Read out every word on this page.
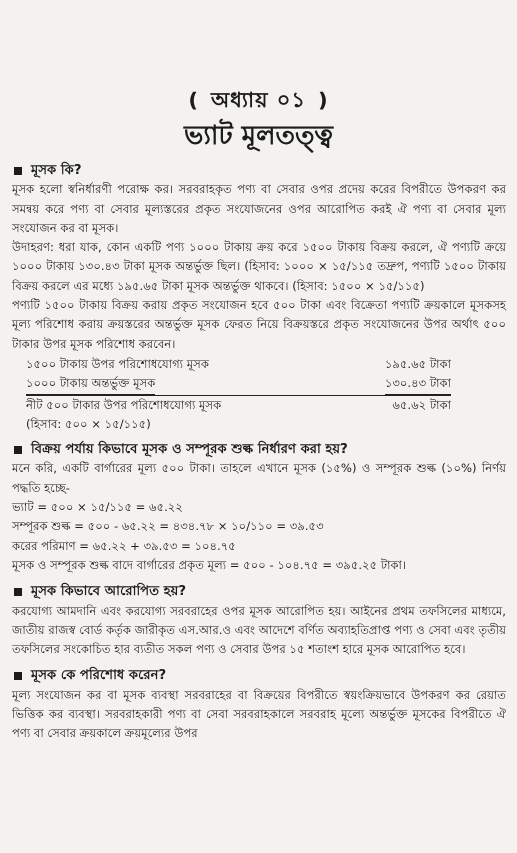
❪ অধ্যায় ০১ ❫
ভ্যাট মূলতত্ত্ব
মূসক কি?

মূসক হলো স্বনির্ধারণী পরোক্ষ কর। সরবরাহকৃত পণ্য বা সেবার ওপর প্রদেয় করের বিপরীতে উপকরণ কর সমন্বয় করে পণ্য বা সেবার মূল্যস্তরের প্রকৃত সংযোজনের ওপর আরোপিত করই ঐ পণ্য বা সেবার মূল্য সংযোজন কর বা মূসক।

উদাহরণ: ধরা যাক, কোন একটি পণ্য ১০০০ টাকায় ক্রয় করে ১৫০০ টাকায় বিক্রয় করলে, ঐ পণ্যটি ক্রয়ে ১০০০ টাকায় ১৩০.৪৩ টাকা মূসক অন্তর্ভুক্ত ছিল। (হিসাব: ১০০০ × ১৫/১১৫ তদ্রুপ, পণ্যটি ১৫০০ টাকায় বিক্রয় করলে এর মধ্যে ১৯৫.৬৫ টাকা মূসক অন্তর্ভুক্ত থাকবে। (হিসাব: ১৫০০ × ১৫/১১৫)

পণ্যটি ১৫০০ টাকায় বিক্রয় করায় প্রকৃত সংযোজন হবে ৫০০ টাকা এবং বিক্রেতা পণ্যটি ক্রয়কালে মূসকসহ মূল্য পরিশোধ করায় ক্রয়স্তরের অন্তর্ভুক্ত মূসক ফেরত নিয়ে বিক্রয়স্তরে প্রকৃত সংযোজনের উপর অর্থাৎ ৫০০ টাকার উপর মূসক পরিশোধ করবেন।

১৫০০ টাকায় উপর পরিশোধযোগ্য মূসক	১৯৫.৬৫ টাকা
১০০০ টাকায় অন্তর্ভুক্ত মূসক	১৩০.৪৩ টাকা
নীট ৫০০ টাকার উপর পরিশোধযোগ্য মূসক	৬৫.৬২ টাকা
(হিসাব: ৫০০ × ১৫/১১৫)
বিক্রয় পর্যায় কিভাবে মূসক ও সম্পূরক শুল্ক নির্ধারণ করা হয়?

মনে করি, একটি বার্গারের মূল্য ৫০০ টাকা। তাহলে এখানে মূসক (১৫%) ও সম্পূরক শুল্ক (১০%) নির্ণয় পদ্ধতি হচ্ছে-

ভ্যাট = ৫০০ × ১৫/১১৫ = ৬৫.২২

সম্পূরক শুল্ক = ৫০০ - ৬৫.২২ = ৪৩৪.৭৮ × ১০/১১০ = ৩৯.৫৩

করের পরিমাণ = ৬৫.২২ + ৩৯.৫৩ = ১০৪.৭৫

মূসক ও সম্পূরক শুল্ক বাদে বার্গারের প্রকৃত মূল্য = ৫০০ - ১০৪.৭৫ = ৩৯৫.২৫ টাকা।

মূসক কিভাবে আরোপিত হয়?

করযোগ্য আমদানি এবং করযোগ্য সরবরাহের ওপর মূসক আরোপিত হয়। আইনের প্রথম তফসিলের মাধ্যমে, জাতীয় রাজস্ব বোর্ড কর্তৃক জারীকৃত এস.আর.ও এবং আদেশে বর্ণিত অব্যাহতিপ্রাপ্ত পণ্য ও সেবা এবং তৃতীয় তফসিলের সংকোচিত হার ব্যতীত সকল পণ্য ও সেবার উপর ১৫ শতাংশ হারে মূসক আরোপিত হবে।

মূসক কে পরিশোধ করেন?

মূল্য সংযোজন কর বা মূসক ব্যবস্থা সরবরাহের বা বিক্রয়ের বিপরীতে স্বয়ংক্রিয়ভাবে উপকরণ কর রেয়াত ভিত্তিক কর ব্যবস্থা। সরবরাহকারী পণ্য বা সেবা সরবরাহকালে সরবরাহ মূল্যে অন্তর্ভুক্ত মূসকের বিপরীতে ঐ পণ্য বা সেবার ক্রয়কালে ক্রয়মূল্যের উপর
